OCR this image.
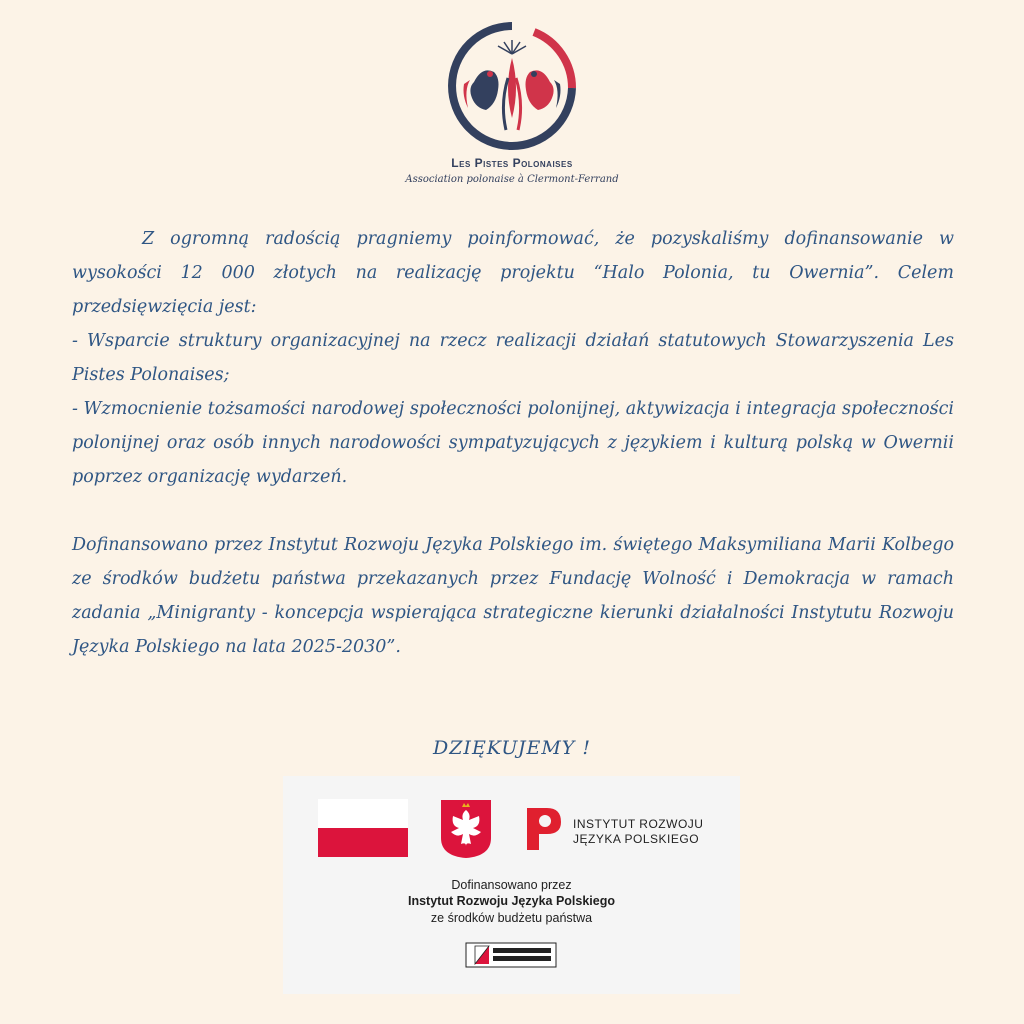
Les Pistes Polonaises
Association polonaise à Clermont-Ferrand

Z ogromną radością pragniemy poinformować, że pozyskaliśmy dofinansowanie w wysokości 12 000 złotych na realizację projektu “Halo Polonia, tu Owernia”. Celem przedsięwzięcia jest:

- Wsparcie struktury organizacyjnej na rzecz realizacji działań statutowych Stowarzyszenia Les Pistes Polonaises;

- Wzmocnienie tożsamości narodowej społeczności polonijnej, aktywizacja i integracja społeczności polonijnej oraz osób innych narodowości sympatyzujących z językiem i kulturą polską w Owernii poprzez organizację wydarzeń.

Dofinansowano przez Instytut Rozwoju Języka Polskiego im. świętego Maksymiliana Marii Kolbego ze środków budżetu państwa przekazanych przez Fundację Wolność i Demokracja w ramach zadania „Minigranty - koncepcja wspierająca strategiczne kierunki działalności Instytutu Rozwoju Języka Polskiego na lata 2025-2030”.

DZIĘKUJEMY !
INSTYTUT ROZWOJU
JĘZYKA POLSKIEGO
Dofinansowano przez
Instytut Rozwoju Języka Polskiego
ze środków budżetu państwa
